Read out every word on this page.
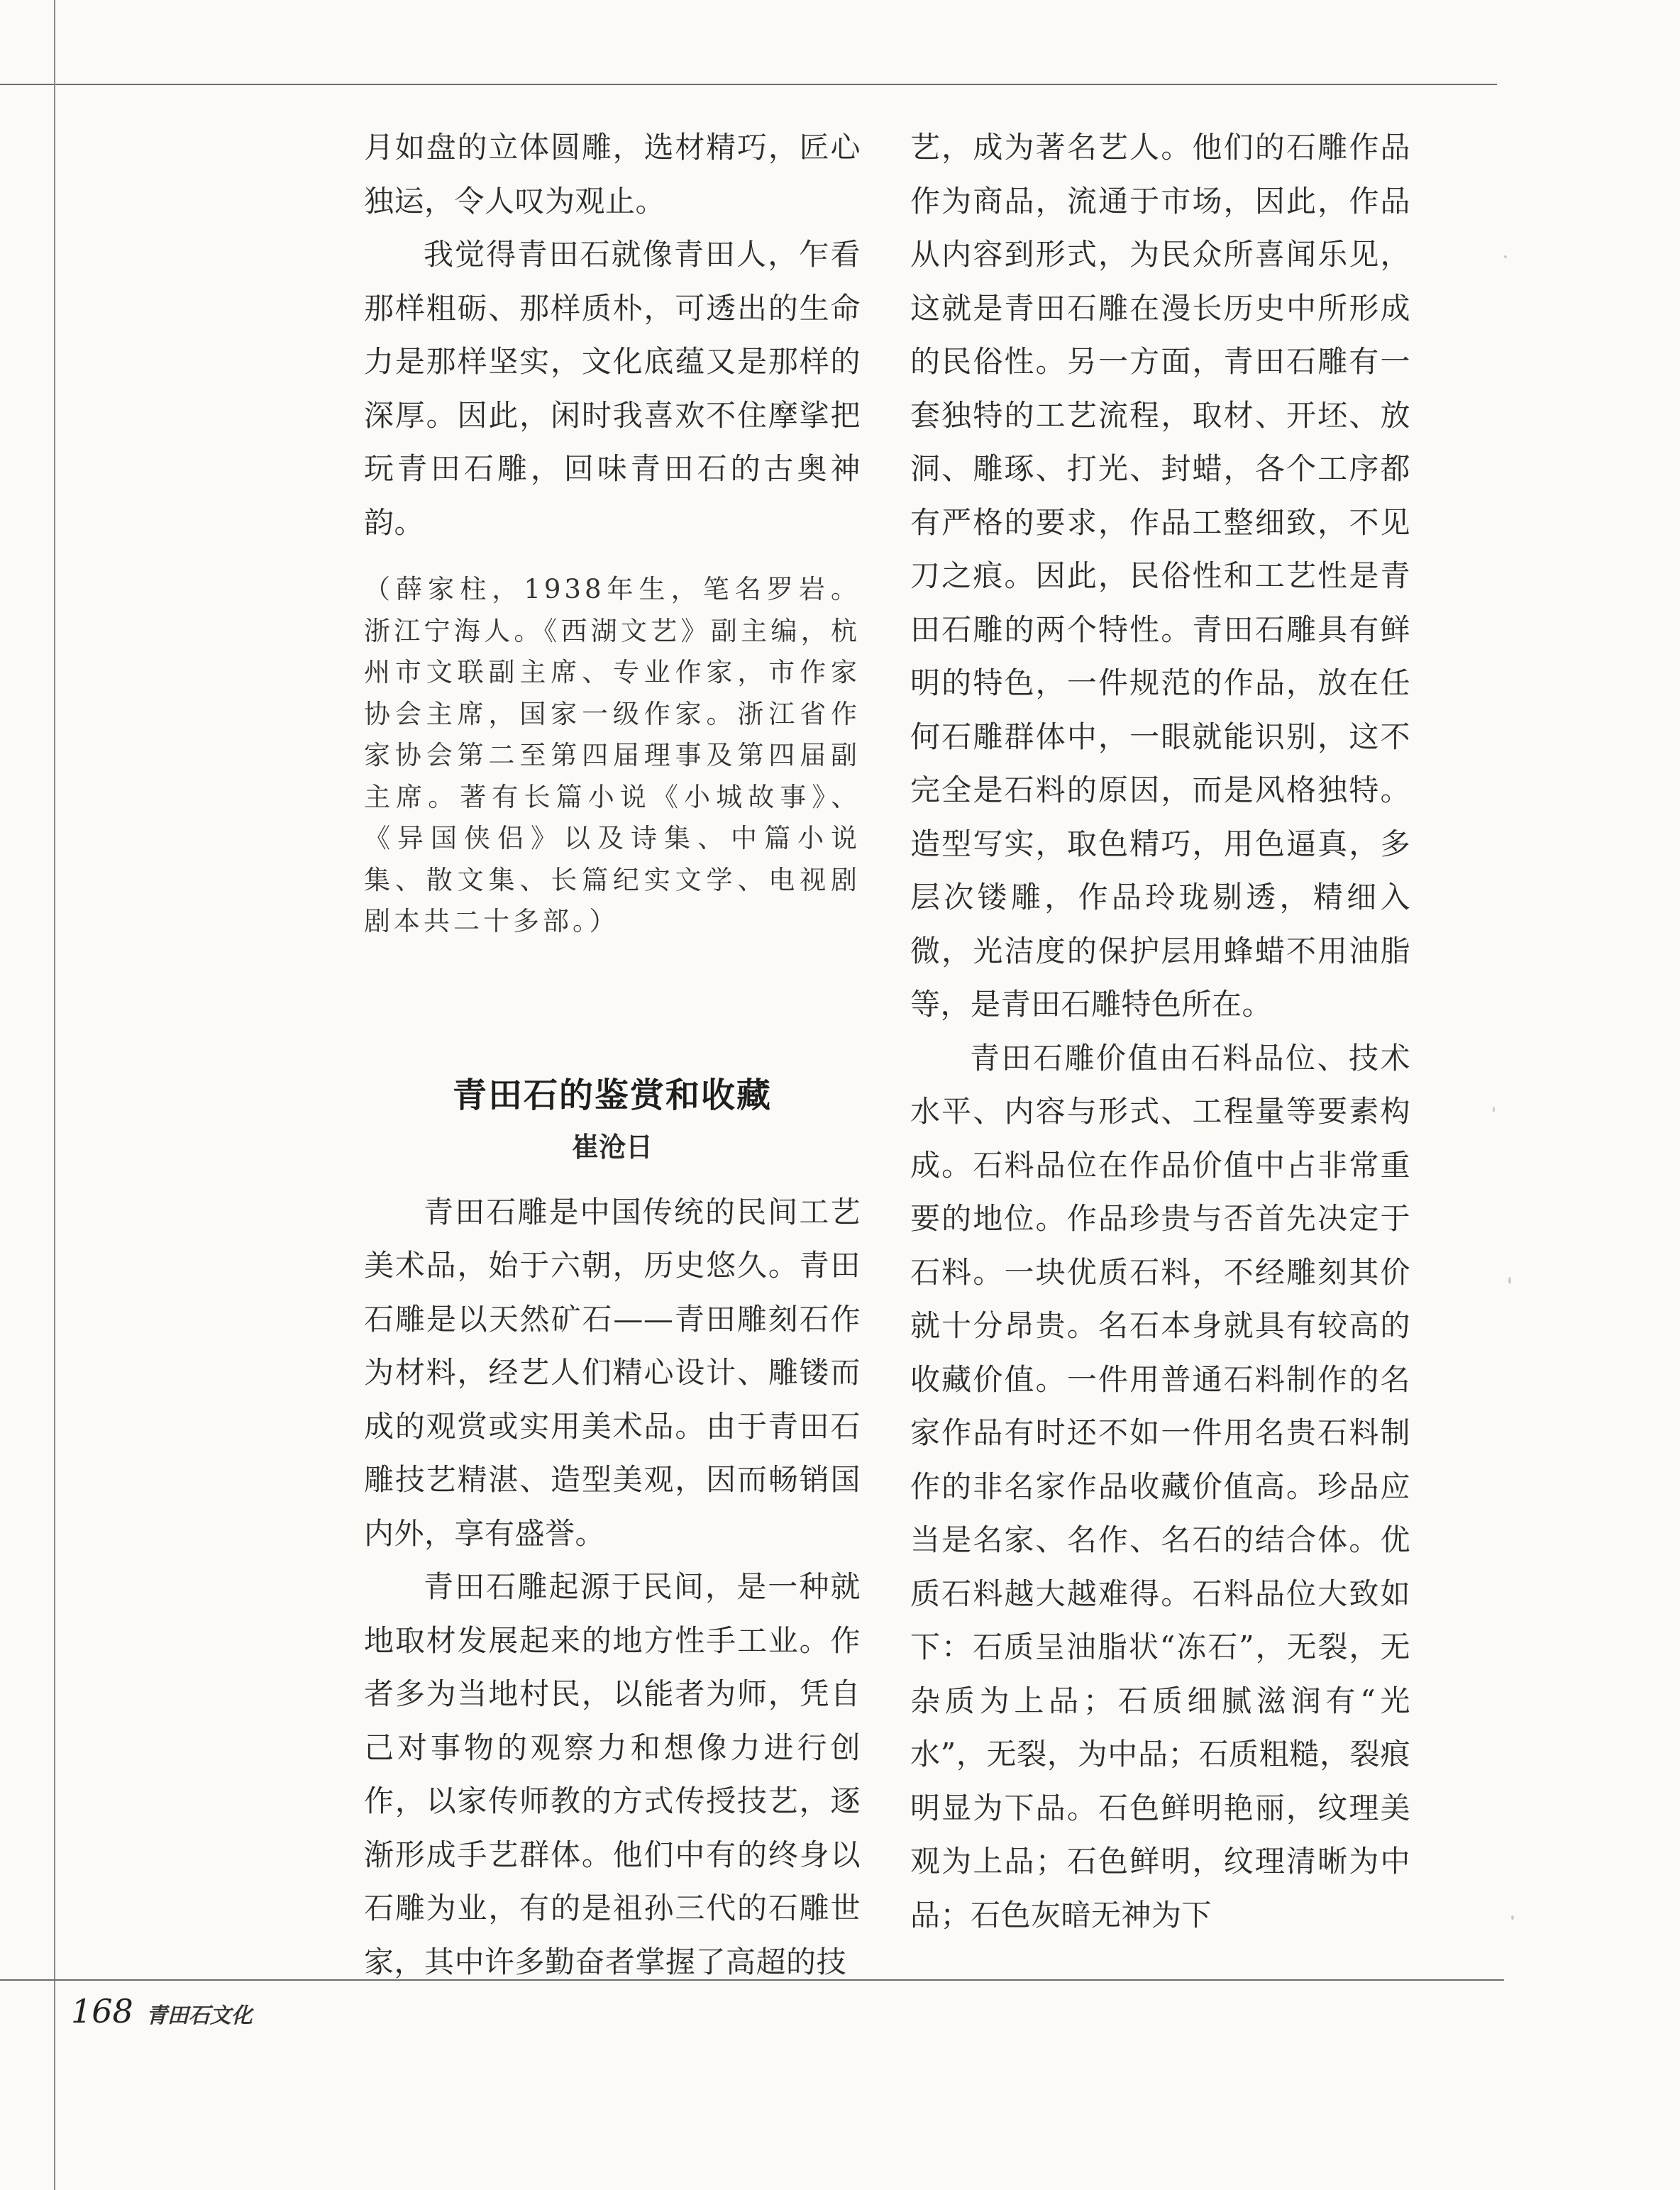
月如盘的立体圆雕，选材精巧，匠心独运，令人叹为观止。

我觉得青田石就像青田人，乍看那样粗砺、那样质朴，可透出的生命力是那样坚实，文化底蕴又是那样的深厚。因此，闲时我喜欢不住摩挲把玩青田石雕，回味青田石的古奥神韵。

（薛家柱，1938年生，笔名罗岩。浙江宁海人。《西湖文艺》副主编，杭州市文联副主席、专业作家，市作家协会主席，国家一级作家。浙江省作家协会第二至第四届理事及第四届副主席。著有长篇小说《小城故事》、《异国侠侣》以及诗集、中篇小说集、散文集、长篇纪实文学、电视剧剧本共二十多部。）

青田石的鉴赏和收藏
崔沧日

青田石雕是中国传统的民间工艺美术品，始于六朝，历史悠久。青田石雕是以天然矿石——青田雕刻石作为材料，经艺人们精心设计、雕镂而成的观赏或实用美术品。由于青田石雕技艺精湛、造型美观，因而畅销国内外，享有盛誉。

青田石雕起源于民间，是一种就地取材发展起来的地方性手工业。作者多为当地村民，以能者为师，凭自己对事物的观察力和想像力进行创作，以家传师教的方式传授技艺，逐渐形成手艺群体。他们中有的终身以石雕为业，有的是祖孙三代的石雕世家，其中许多勤奋者掌握了高超的技

艺，成为著名艺人。他们的石雕作品作为商品，流通于市场，因此，作品从内容到形式，为民众所喜闻乐见，这就是青田石雕在漫长历史中所形成的民俗性。另一方面，青田石雕有一套独特的工艺流程，取材、开坯、放洞、雕琢、打光、封蜡，各个工序都有严格的要求，作品工整细致，不见刀之痕。因此，民俗性和工艺性是青田石雕的两个特性。青田石雕具有鲜明的特色，一件规范的作品，放在任何石雕群体中，一眼就能识别，这不完全是石料的原因，而是风格独特。造型写实，取色精巧，用色逼真，多层次镂雕，作品玲珑剔透，精细入微，光洁度的保护层用蜂蜡不用油脂等，是青田石雕特色所在。

青田石雕价值由石料品位、技术水平、内容与形式、工程量等要素构成。石料品位在作品价值中占非常重要的地位。作品珍贵与否首先决定于石料。一块优质石料，不经雕刻其价就十分昂贵。名石本身就具有较高的收藏价值。一件用普通石料制作的名家作品有时还不如一件用名贵石料制作的非名家作品收藏价值高。珍品应当是名家、名作、名石的结合体。优质石料越大越难得。石料品位大致如下：石质呈油脂状“冻石”，无裂，无杂质为上品；石质细腻滋润有“光水”，无裂，为中品；石质粗糙，裂痕明显为下品。石色鲜明艳丽，纹理美观为上品；石色鲜明，纹理清晰为中品；石色灰暗无神为下

168 青田石文化
